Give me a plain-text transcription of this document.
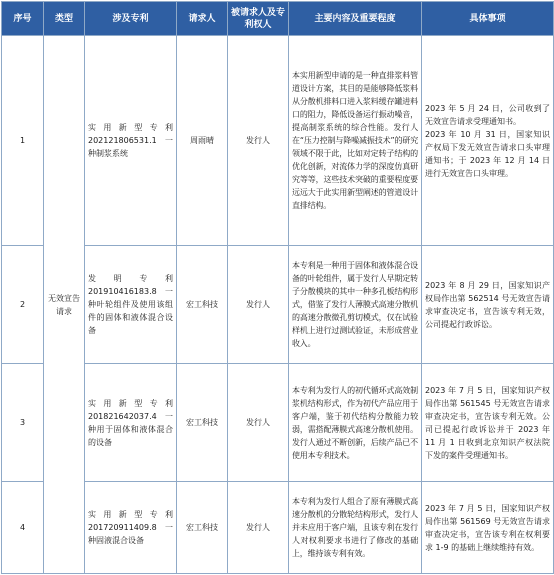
序号	类型	涉及专利	请求人	被请求人及专利权人	主要内容及重要程度	具体事项
1	无效宣告请求	实用新型专利 202121806531.1 一种制浆系统	周雨晴	发行人	本实用新型申请的是一种直排浆料管道设计方案，其目的是能够降低浆料从分散机排料口进入浆料缓存罐进料口的阻力，降低设备运行振动噪音，提高制浆系统的综合性能。发行人在“压力控制与降噪减振技术”的研究领域不限于此，比如对定转子结构的优化创新，对流体力学的深度仿真研究等等，这些技术突破的重要程度要远远大于此实用新型阐述的管道设计直排结构。	2023 年 5 月 24 日，公司收到了无效宣告请求受理通知书。
2023 年 10 月 31 日，国家知识产权局下发无效宣告请求口头审理通知书；于 2023 年 12 月 14 日进行无效宣告口头审理。
2		发明专利 201910416183.8 一种叶轮组件及使用该组件的固体和液体混合设备	宏工科技	发行人	本专利是一种用于固体和液体混合设备的叶轮组件，属于发行人早期定转子分散模块的其中一种多孔板结构形式，借鉴了发行人薄膜式高速分散机的高速分散微孔剪切模式，仅在试验样机上进行过测试验证，未形成营业收入。	2023 年 8 月 29 日，国家知识产权局作出第 562514 号无效宣告请求审查决定书，宣告该专利无效，公司提起行政诉讼。
3		实用新型专利 201821642037.4 一种用于固体和液体混合的设备	宏工科技	发行人	本专利为发行人的初代循环式高效制浆机结构形式，作为初代产品应用于客户端，鉴于初代结构分散能力较弱，需搭配薄膜式高速分散机使用。发行人通过不断创新，后续产品已不使用本专利技术。	2023 年 7 月 5 日，国家知识产权局作出第 561545 号无效宣告请求审查决定书，宣告该专利无效。公司已提起行政诉讼并于 2023 年 11 月 1 日收到北京知识产权法院下发的案件受理通知书。
4		实用新型专利 201720911409.8 一种固液混合设备	宏工科技	发行人	本专利为发行人组合了原有薄膜式高速分散机的分散轮结构形式，发行人并未应用于客户端，且该专利在发行人对权利要求书进行了修改的基础上，维持该专利有效。	2023 年 7 月 5 日，国家知识产权局作出第 561569 号无效宣告请求审查决定书，宣告该专利在权利要求 1-9 的基础上继续维持有效。
